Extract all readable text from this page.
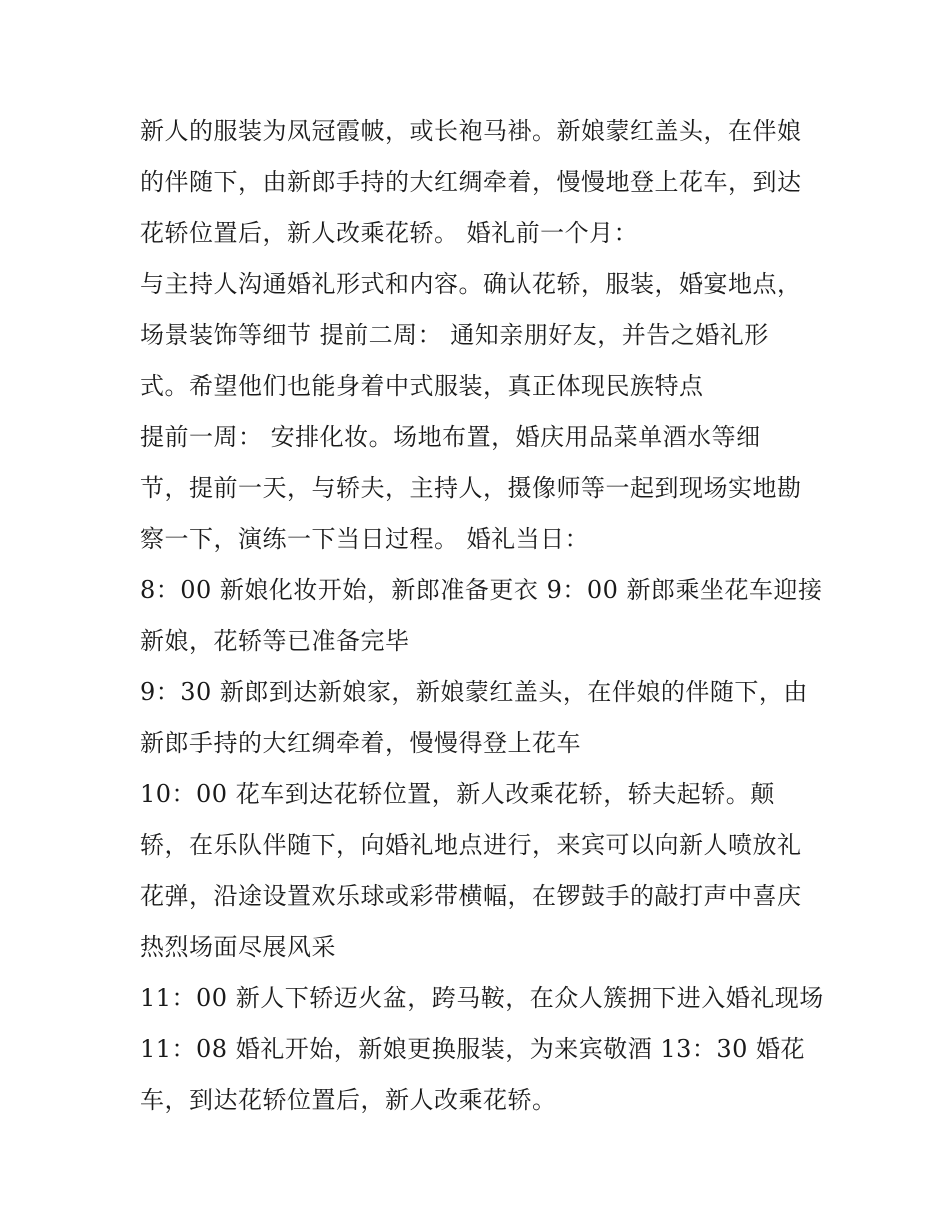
新人的服装为凤冠霞帔，或长袍马褂。新娘蒙红盖头，在伴娘
的伴随下，由新郎手持的大红绸牵着，慢慢地登上花车，到达
花轿位置后，新人改乘花轿。 婚礼前一个月：
与主持人沟通婚礼形式和内容。确认花轿，服装，婚宴地点，
场景装饰等细节 提前二周： 通知亲朋好友，并告之婚礼形
式。希望他们也能身着中式服装，真正体现民族特点
提前一周： 安排化妆。场地布置，婚庆用品菜单酒水等细
节，提前一天，与轿夫，主持人，摄像师等一起到现场实地勘
察一下，演练一下当日过程。 婚礼当日：
8：00 新娘化妆开始，新郎准备更衣 9：00 新郎乘坐花车迎接
新娘，花轿等已准备完毕
9：30 新郎到达新娘家，新娘蒙红盖头，在伴娘的伴随下，由
新郎手持的大红绸牵着，慢慢得登上花车
10：00 花车到达花轿位置，新人改乘花轿，轿夫起轿。颠
轿，在乐队伴随下，向婚礼地点进行，来宾可以向新人喷放礼
花弹，沿途设置欢乐球或彩带横幅，在锣鼓手的敲打声中喜庆
热烈场面尽展风采
11：00 新人下轿迈火盆，跨马鞍，在众人簇拥下进入婚礼现场
11：08 婚礼开始，新娘更换服装，为来宾敬酒 13：30 婚花
车，到达花轿位置后，新人改乘花轿。
